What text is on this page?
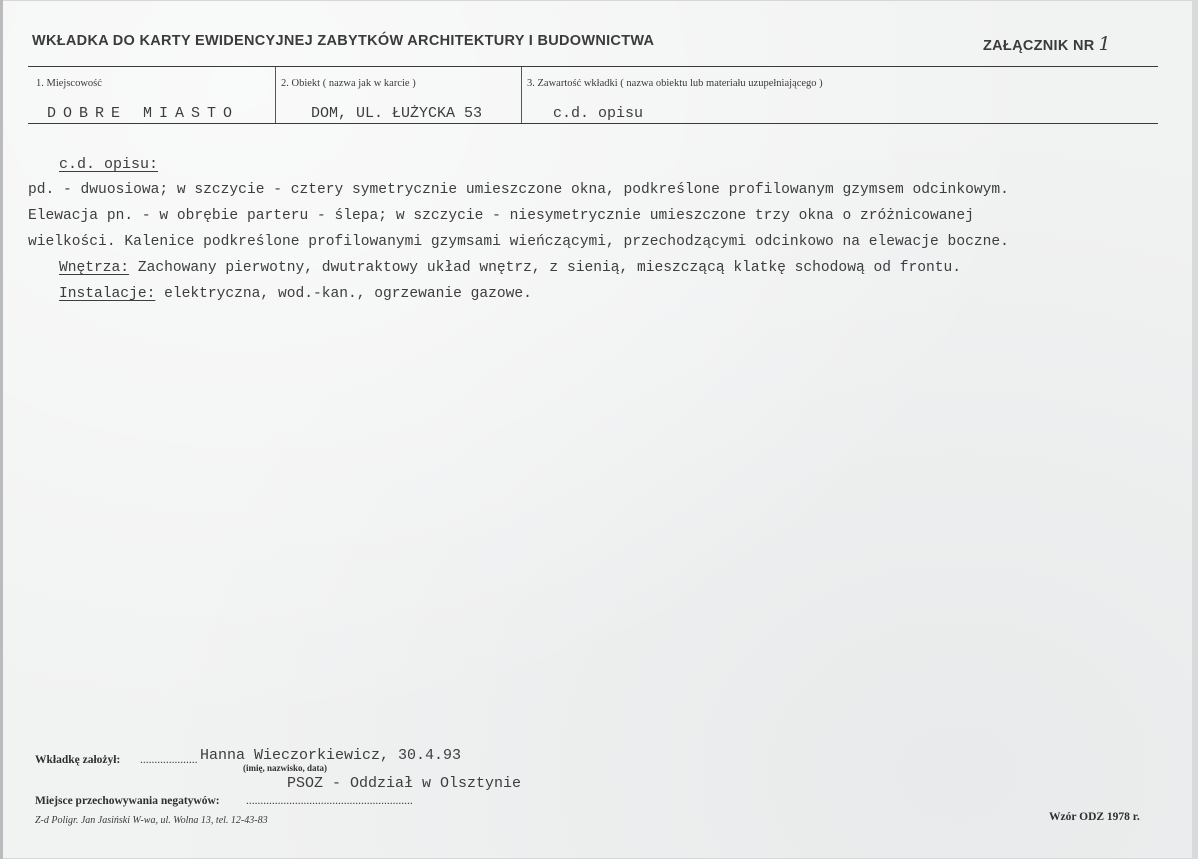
WKŁADKA DO KARTY EWIDENCYJNEJ ZABYTKÓW ARCHITEKTURY I BUDOWNICTWA	ZAŁĄCZNIK NR 1
1. Miejscowość	2. Obiekt ( nazwa jak w karcie )	3. Zawartość wkładki ( nazwa obiektu lub materiału uzupełniającego )
DOBRE MIASTO	DOM, UL. ŁUŻYCKA 53	c.d. opisu
c.d. opisu:
pd. - dwuosiowa; w szczycie - cztery symetrycznie umieszczone okna, podkreślone profilowanym gzymsem odcinkowym.
Elewacja pn. - w obrębie parteru - ślepa; w szczycie - niesymetrycznie umieszczone trzy okna o zróżnicowanej
wielkości. Kalenice podkreślone profilowanymi gzymsami wieńczącymi, przechodzącymi odcinkowo na elewacje boczne.
Wnętrza: Zachowany pierwotny, dwutraktowy układ wnętrz, z sienią, mieszczącą klatkę schodową od frontu.
Instalacje: elektryczna, wod.-kan., ogrzewanie gazowe.
Wkładkę założył: .................... Hanna Wieczorkiewicz, 30.4.93
(imię, nazwisko, data)
PSOZ - Oddział w Olsztynie
Miejsce przechowywania negatywów: ..........................................................
Z-d Poligr. Jan Jasiński W-wa, ul. Wolna 13, tel. 12-43-83	Wzór ODZ 1978 r.
